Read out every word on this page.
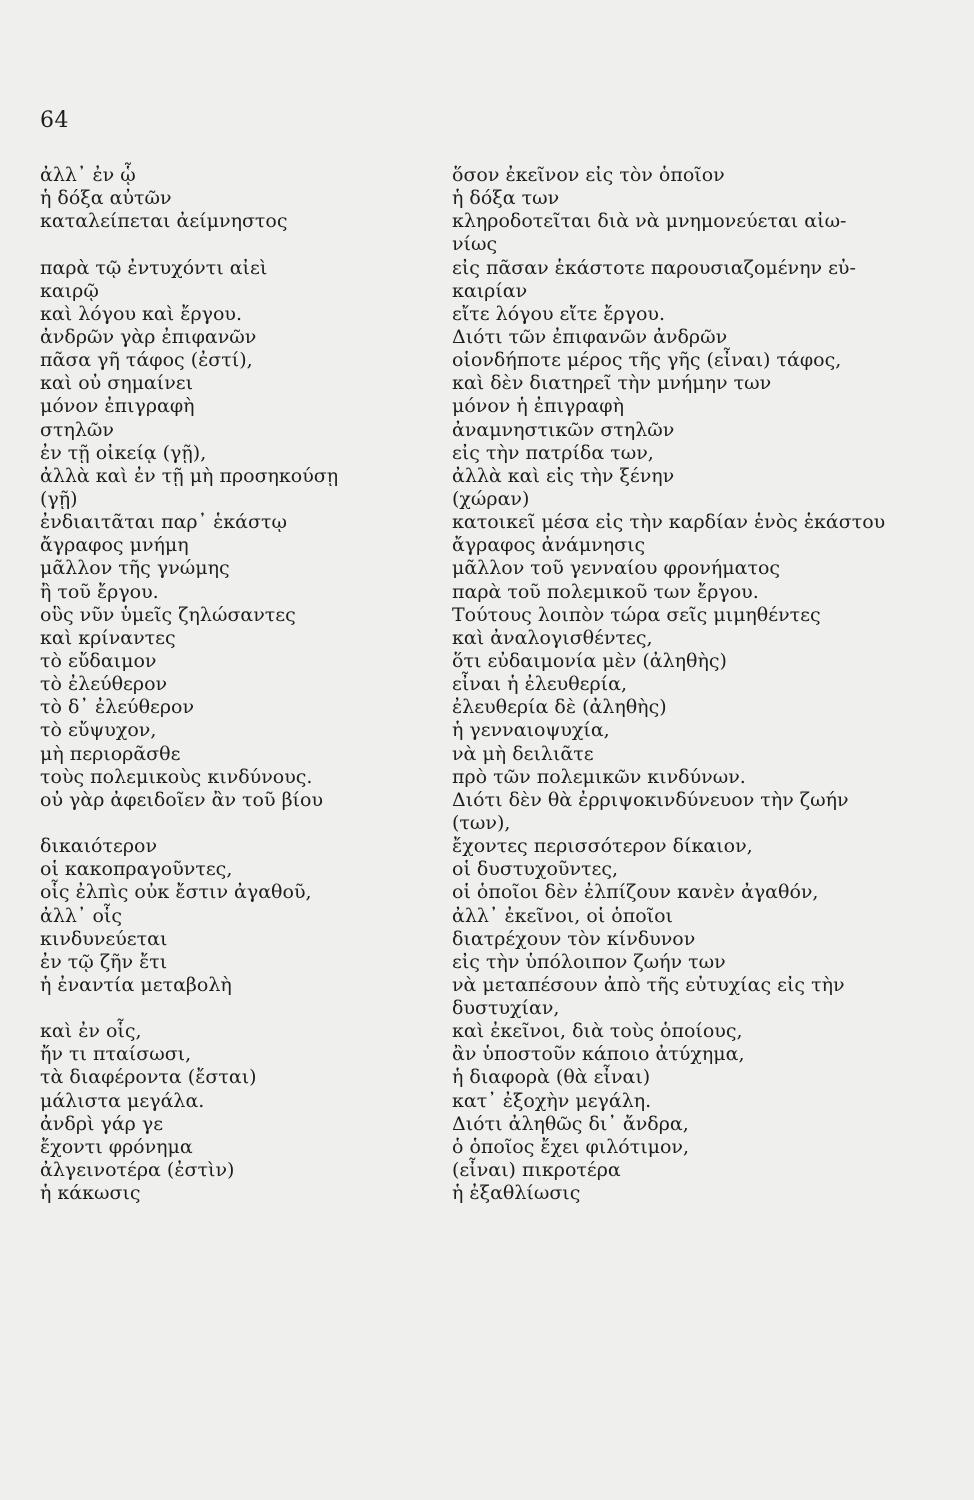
64
ἀλλ᾽ ἐν ᾧ
ἡ δόξα αὐτῶν
καταλείπεται ἀείμνηστος
παρὰ τῷ ἐντυχόντι αἰεὶ
καιρῷ
καὶ λόγου καὶ ἔργου.
ἀνδρῶν γὰρ ἐπιφανῶν
πᾶσα γῆ τάφος (ἐστί),
καὶ οὐ σημαίνει
μόνον ἐπιγραφὴ
στηλῶν
ἐν τῇ οἰκείᾳ (γῇ),
ἀλλὰ καὶ ἐν τῇ μὴ προσηκούσῃ
(γῇ)
ἐνδιαιτᾶται παρ᾽ ἑκάστῳ
ἄγραφος μνήμη
μᾶλλον τῆς γνώμης
ἢ τοῦ ἔργου.
οὓς νῦν ὑμεῖς ζηλώσαντες
καὶ κρίναντες
τὸ εὔδαιμον
τὸ ἐλεύθερον
τὸ δ᾽ ἐλεύθερον
τὸ εὔψυχον,
μὴ περιορᾶσθε
τοὺς πολεμικοὺς κινδύνους.
οὐ γὰρ ἀφειδοῖεν ἂν τοῦ βίου
δικαιότερον
οἱ κακοπραγοῦντες,
οἷς ἐλπὶς οὐκ ἔστιν ἀγαθοῦ,
ἀλλ᾽ οἷς
κινδυνεύεται
ἐν τῷ ζῆν ἔτι
ἡ ἐναντία μεταβολὴ
καὶ ἐν οἷς,
ἤν τι πταίσωσι,
τὰ διαφέροντα (ἔσται)
μάλιστα μεγάλα.
ἀνδρὶ γάρ γε
ἔχοντι φρόνημα
ἀλγεινοτέρα (ἐστὶν)
ἡ κάκωσις
ὅσον ἐκεῖνον εἰς τὸν ὁποῖον
ἡ δόξα των
κληροδοτεῖται διὰ νὰ μνημονεύεται αἰω-
νίως
εἰς πᾶσαν ἑκάστοτε παρουσιαζομένην εὐ-
καιρίαν
εἴτε λόγου εἴτε ἔργου.
Διότι τῶν ἐπιφανῶν ἀνδρῶν
οἱονδήποτε μέρος τῆς γῆς (εἶναι) τάφος,
καὶ δὲν διατηρεῖ τὴν μνήμην των
μόνον ἡ ἐπιγραφὴ
ἀναμνηστικῶν στηλῶν
εἰς τὴν πατρίδα των,
ἀλλὰ καὶ εἰς τὴν ξένην
(χώραν)
κατοικεῖ μέσα εἰς τὴν καρδίαν ἑνὸς ἑκάστου
ἄγραφος ἀνάμνησις
μᾶλλον τοῦ γενναίου φρονήματος
παρὰ τοῦ πολεμικοῦ των ἔργου.
Τούτους λοιπὸν τώρα σεῖς μιμηθέντες
καὶ ἀναλογισθέντες,
ὅτι εὐδαιμονία μὲν (ἀληθὴς)
εἶναι ἡ ἐλευθερία,
ἐλευθερία δὲ (ἀληθὴς)
ἡ γενναιοψυχία,
νὰ μὴ δειλιᾶτε
πρὸ τῶν πολεμικῶν κινδύνων.
Διότι δὲν θὰ ἐρριψοκινδύνευον τὴν ζωήν
(των),
ἔχοντες περισσότερον δίκαιον,
οἱ δυστυχοῦντες,
οἱ ὁποῖοι δὲν ἐλπίζουν κανὲν ἀγαθόν,
ἀλλ᾽ ἐκεῖνοι, οἱ ὁποῖοι
διατρέχουν τὸν κίνδυνον
εἰς τὴν ὑπόλοιπον ζωήν των
νὰ μεταπέσουν ἀπὸ τῆς εὐτυχίας εἰς τὴν
δυστυχίαν,
καὶ ἐκεῖνοι, διὰ τοὺς ὁποίους,
ἂν ὑποστοῦν κάποιο ἀτύχημα,
ἡ διαφορὰ (θὰ εἶναι)
κατ᾽ ἐξοχὴν μεγάλη.
Διότι ἀληθῶς δι᾽ ἄνδρα,
ὁ ὁποῖος ἔχει φιλότιμον,
(εἶναι) πικροτέρα
ἡ ἐξαθλίωσις
